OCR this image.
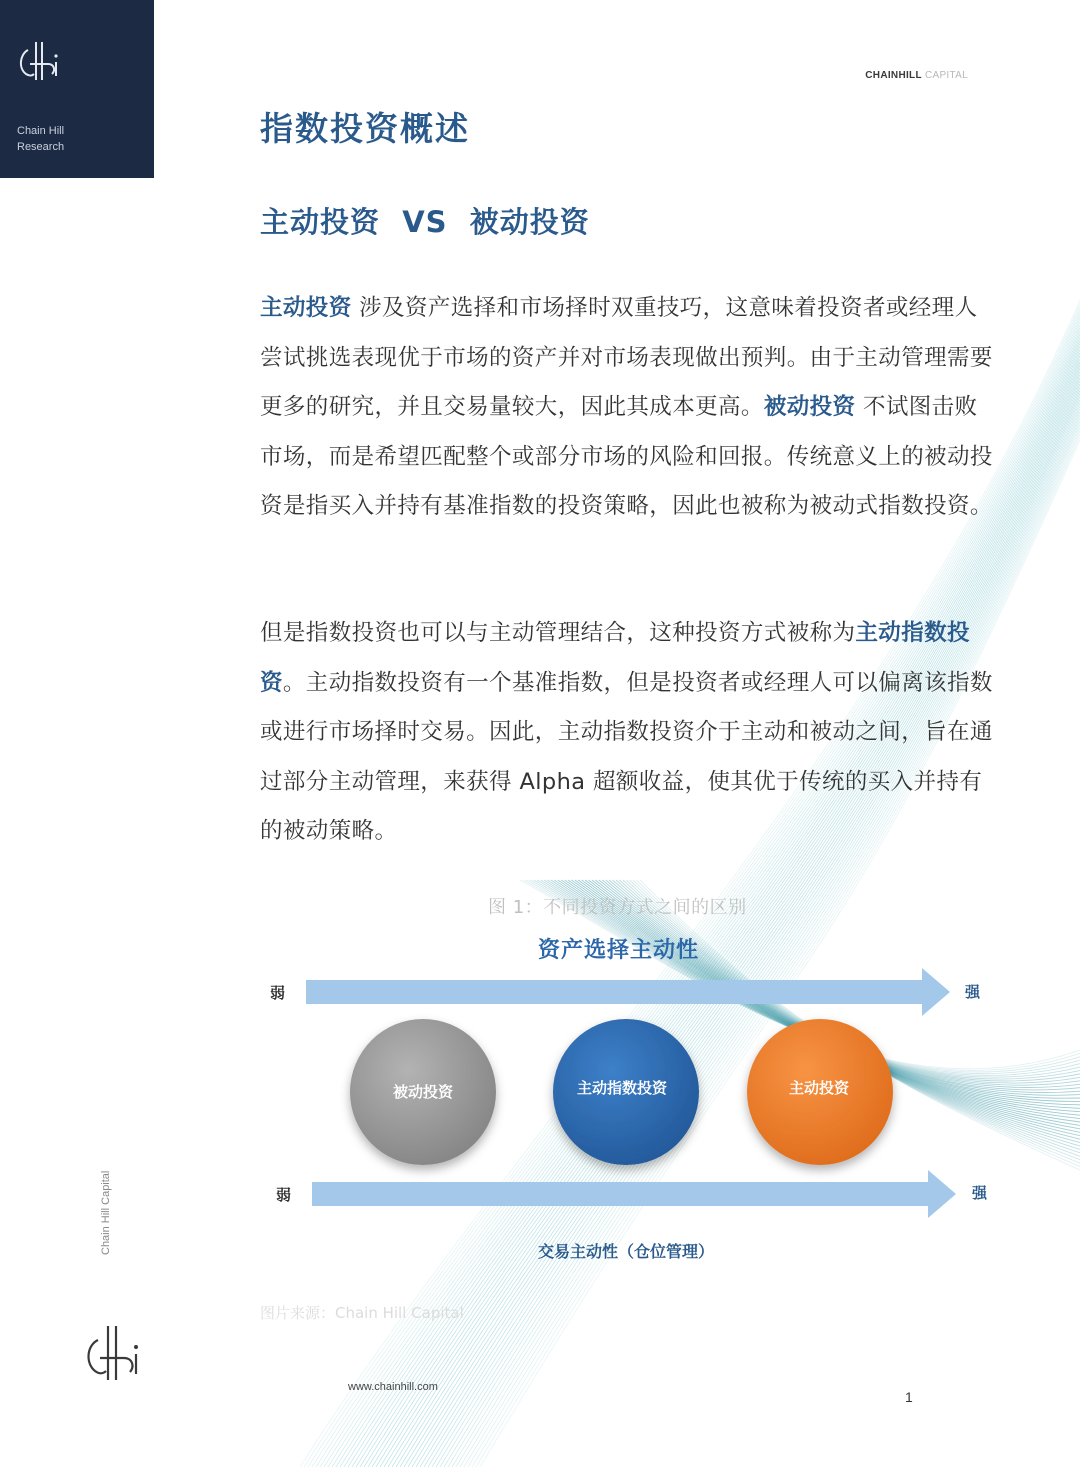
Chain Hill
Research
CHAINHILL CAPITAL
指数投资概述
主动投资  VS  被动投资

主动投资 涉及资产选择和市场择时双重技巧，这意味着投资者或经理人尝试挑选表现优于市场的资产并对市场表现做出预判。由于主动管理需要更多的研究，并且交易量较大，因此其成本更高。被动投资 不试图击败市场，而是希望匹配整个或部分市场的风险和回报。传统意义上的被动投资是指买入并持有基准指数的投资策略，因此也被称为被动式指数投资。

但是指数投资也可以与主动管理结合，这种投资方式被称为主动指数投资。主动指数投资有一个基准指数，但是投资者或经理人可以偏离该指数或进行市场择时交易。因此，主动指数投资介于主动和被动之间，旨在通过部分主动管理，来获得 Alpha 超额收益，使其优于传统的买入并持有的被动策略。

图 1：不同投资方式之间的区别
资产选择主动性
弱	强
被动投资	主动指数投资	主动投资
弱	强
交易主动性（仓位管理）
图片来源：Chain Hill Capital
Chain Hill Capital
www.chainhill.com
1
